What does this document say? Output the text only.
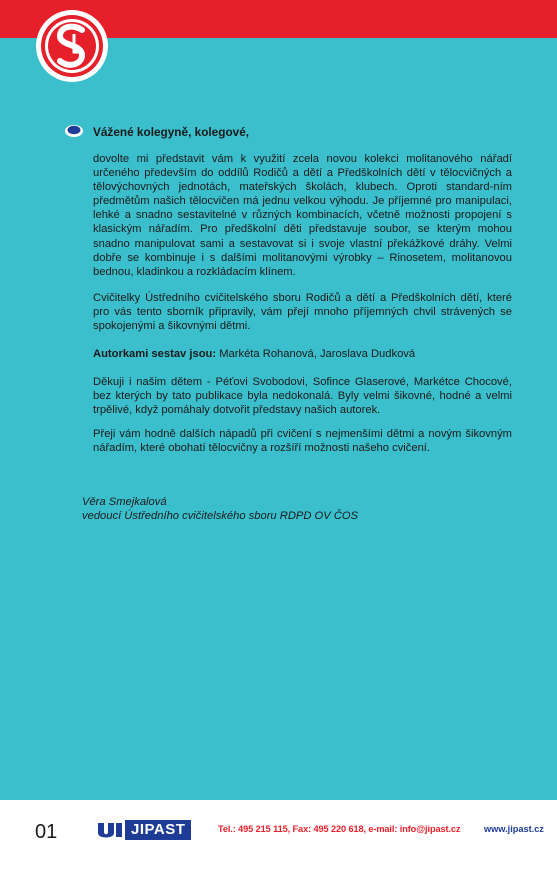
Vážené kolegyně, kolegové,

dovolte mi představit vám k využití zcela novou kolekci molitanového nářadí určeného především do oddílů Rodičů a dětí a Předškolních dětí v tělocvičných a tělovýchovných jednotách, mateřských školách, klubech. Oproti standard-ním předmětům našich tělocvičen má jednu velkou výhodu. Je příjemné pro manipulaci, lehké a snadno sestavitelné v různých kombinacích, včetně možnosti propojení s klasickým nářadím. Pro předškolní děti představuje soubor, se kterým mohou snadno manipulovat sami a sestavovat si i svoje vlastní překážkové dráhy. Velmi dobře se kombinuje i s dalšími molitanovými výrobky – Rinosetem, molitanovou bednou, kladinkou a rozkládacím klínem.

Cvičitelky Ústředního cvičitelského sboru Rodičů a dětí a Předškolních dětí, které pro vás tento sborník připravily, vám přejí mnoho příjemných chvil strávených se spokojenými a šikovnými dětmi.

Autorkami sestav jsou: Markéta Rohanová, Jaroslava Dudková

Děkuji i našim dětem - Péťovi Svobodovi, Sofince Glaserové, Markétce Chocové, bez kterých by tato publikace byla nedokonalá. Byly velmi šikovné, hodné a velmi trpělivé, když pomáhaly dotvořit představy našich autorek.

Přeji vám hodně dalších nápadů při cvičení s nejmenšími dětmi a novým šikovným nářadím, které obohatí tělocvičny a rozšíří možnosti našeho cvičení.

Věra Smejkalová
vedoucí Ústředního cvičitelského sboru RDPD OV ČOS
01	JIPAST	Tel.: 495 215 115, Fax: 495 220 618, e-mail: info@jipast.cz	www.jipast.cz
